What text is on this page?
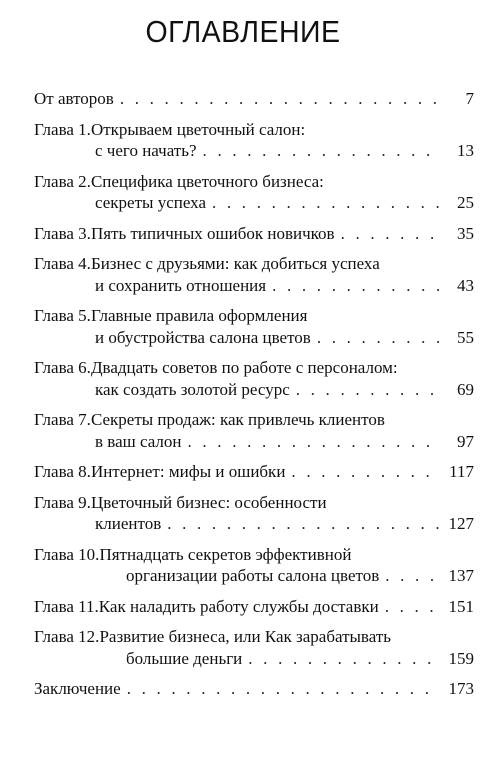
ОГЛАВЛЕНИЕ
От авторов . . .	7
Глава 1. Открываем цветочный салон:
с чего начать? . . .	13
Глава 2. Специфика цветочного бизнеса:
секреты успеха . . .	25
Глава 3. Пять типичных ошибок новичков . . .	35
Глава 4. Бизнес с друзьями: как добиться успеха
и сохранить отношения . . .	43
Глава 5. Главные правила оформления
и обустройства салона цветов . . .	55
Глава 6. Двадцать советов по работе с персоналом:
как создать золотой ресурс . . .	69
Глава 7. Секреты продаж: как привлечь клиентов
в ваш салон . . .	97
Глава 8. Интернет: мифы и ошибки . . .	117
Глава 9. Цветочный бизнес: особенности
клиентов . . .	127
Глава 10. Пятнадцать секретов эффективной
организации работы салона цветов . . .	137
Глава 11. Как наладить работу службы доставки . . .	151
Глава 12. Развитие бизнеса, или Как зарабатывать
большие деньги . . .	159
Заключение . . .	173
